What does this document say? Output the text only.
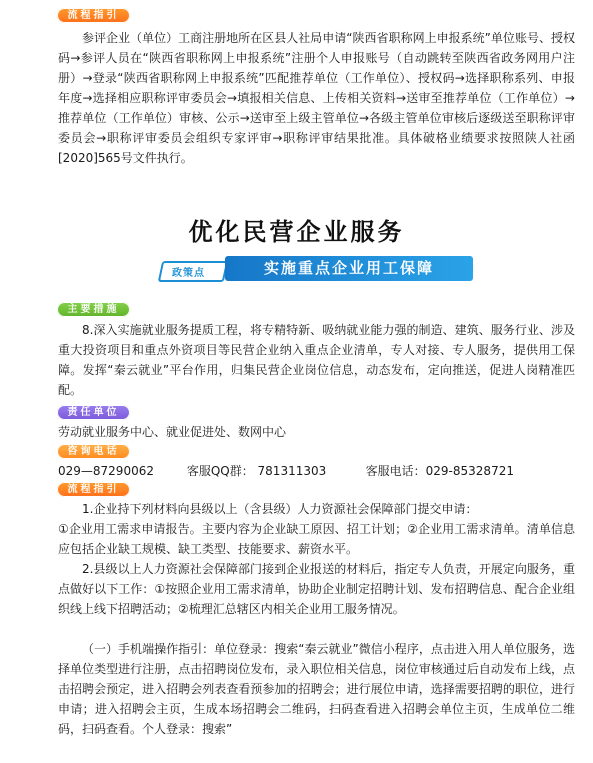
流程指引
参评企业（单位）工商注册地所在区县人社局申请“陕西省职称网上申报系统”单位账号、授权码→参评人员在“陕西省职称网上申报系统”注册个人申报账号（自动跳转至陕西省政务网用户注册）→登录“陕西省职称网上申报系统”匹配推荐单位（工作单位）、授权码→选择职称系列、申报年度→选择相应职称评审委员会→填报相关信息、上传相关资料→送审至推荐单位（工作单位）→推荐单位（工作单位）审核、公示→送审至上级主管单位→各级主管单位审核后逐级送至职称评审委员会→职称评审委员会组织专家评审→职称评审结果批准。具体破格业绩要求按照陕人社函[2020]565号文件执行。
优化民营企业服务
政策点	实施重点企业用工保障
主要措施
8.深入实施就业服务提质工程，将专精特新、吸纳就业能力强的制造、建筑、服务行业、涉及重大投资项目和重点外资项目等民营企业纳入重点企业清单，专人对接、专人服务，提供用工保障。发挥“秦云就业”平台作用，归集民营企业岗位信息，动态发布，定向推送，促进人岗精准匹配。
责任单位
劳动就业服务中心、就业促进处、数网中心
咨询电话
029—87290062	客服QQ群： 781311303	客服电话：029-85328721
流程指引
1.企业持下列材料向县级以上（含县级）人力资源社会保障部门提交申请：
①企业用工需求申请报告。主要内容为企业缺工原因、招工计划；②企业用工需求清单。清单信息应包括企业缺工规模、缺工类型、技能要求、薪资水平。
2.县级以上人力资源社会保障部门接到企业报送的材料后，指定专人负责，开展定向服务，重点做好以下工作：①按照企业用工需求清单，协助企业制定招聘计划、发布招聘信息、配合企业组织线上线下招聘活动；②梳理汇总辖区内相关企业用工服务情况。
（一）手机端操作指引：单位登录：搜索“秦云就业”微信小程序，点击进入用人单位服务，选择单位类型进行注册，点击招聘岗位发布，录入职位相关信息，岗位审核通过后自动发布上线，点击招聘会预定，进入招聘会列表查看预参加的招聘会；进行展位申请，选择需要招聘的职位，进行申请；进入招聘会主页，生成本场招聘会二维码，扫码查看进入招聘会单位主页，生成单位二维码，扫码查看。个人登录：搜索”
